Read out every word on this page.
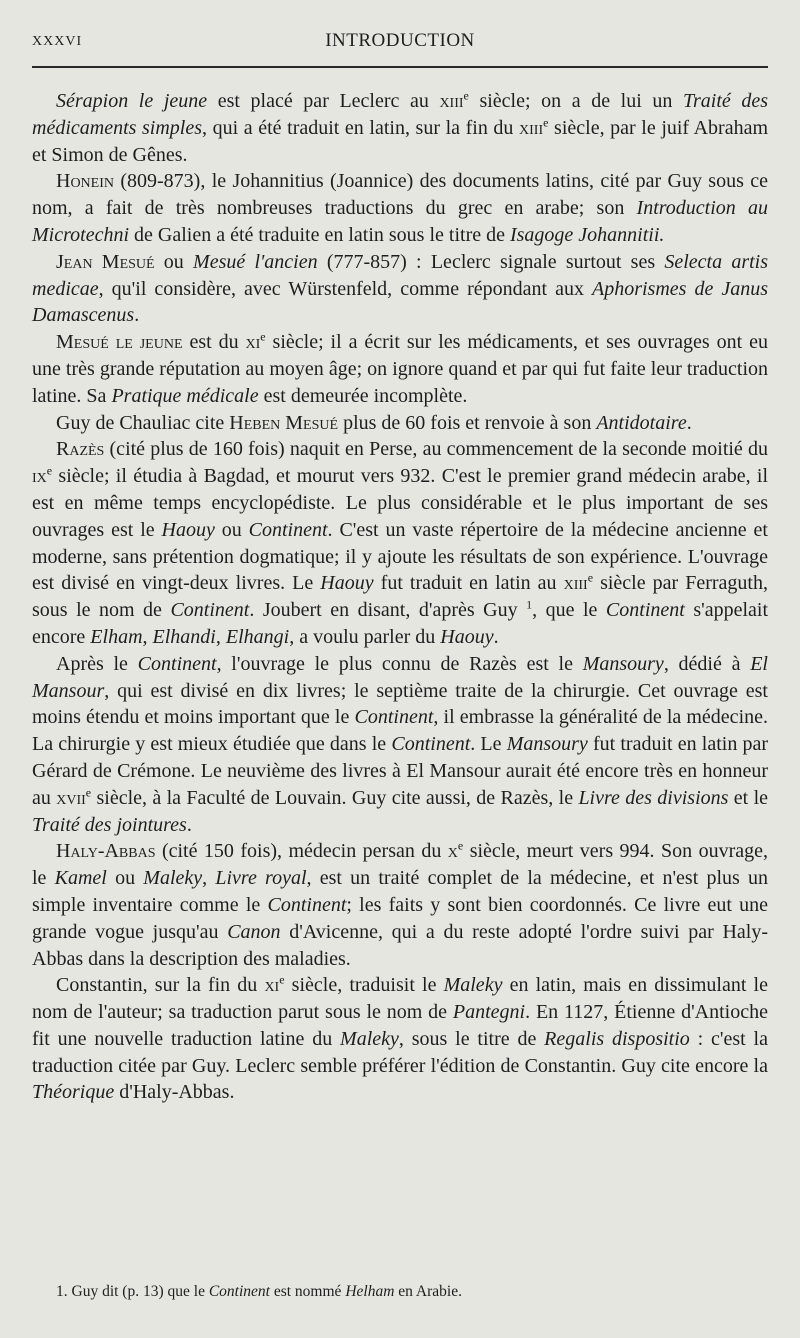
XXXVI	INTRODUCTION

Sérapion le jeune est placé par Leclerc au xiii$^e$ siècle; on a de lui un Traité des médicaments simples, qui a été traduit en latin, sur la fin du xiii$^e$ siècle, par le juif Abraham et Simon de Gênes.

Honein (809-873), le Johannitius (Joannice) des documents latins, cité par Guy sous ce nom, a fait de très nombreuses traductions du grec en arabe; son Introduction au Microtechni de Galien a été traduite en latin sous le titre de Isagoge Johannitii.

Jean Mesué ou Mesué l'ancien (777-857) : Leclerc signale surtout ses Selecta artis medicae, qu'il considère, avec Würstenfeld, comme répondant aux Aphorismes de Janus Damascenus.

Mesué le jeune est du $xi^e$ siècle; il a écrit sur les médicaments, et ses ouvrages ont eu une très grande réputation au moyen âge; on ignore quand et par qui fut faite leur traduction latine. Sa Pratique médicale est demeurée incomplète.

Guy de Chauliac cite Heben Mesué plus de 60 fois et renvoie à son Antidotaire.

Razès (cité plus de 160 fois) naquit en Perse, au commencement de la seconde moitié du $ix^e$ siècle; il étudia à Bagdad, et mourut vers 932. C'est le premier grand médecin arabe, il est en même temps encyclopédiste. Le plus considérable et le plus important de ses ouvrages est le Haouy ou Continent. C'est un vaste répertoire de la médecine ancienne et moderne, sans prétention dogmatique; il y ajoute les résultats de son expérience. L'ouvrage est divisé en vingt-deux livres. Le Haouy fut traduit en latin au xiii$^e$ siècle par Ferraguth, sous le nom de Continent. Joubert en disant, d'après Guy $^1$, que le Continent s'appelait encore Elham, Elhandi, Elhangi, a voulu parler du Haouy.

Après le Continent, l'ouvrage le plus connu de Razès est le Mansoury, dédié à El Mansour, qui est divisé en dix livres; le septième traite de la chirurgie. Cet ouvrage est moins étendu et moins important que le Continent, il embrasse la généralité de la médecine. La chirurgie y est mieux étudiée que dans le Continent. Le Mansoury fut traduit en latin par Gérard de Crémone. Le neuvième des livres à El Mansour aurait été encore très en honneur au xvii$^e$ siècle, à la Faculté de Louvain. Guy cite aussi, de Razès, le Livre des divisions et le Traité des jointures.

Haly-Abbas (cité 150 fois), médecin persan du $x^e$ siècle, meurt vers 994. Son ouvrage, le Kamel ou Maleky, Livre royal, est un traité complet de la médecine, et n'est plus un simple inventaire comme le Continent; les faits y sont bien coordonnés. Ce livre eut une grande vogue jusqu'au Canon d'Avicenne, qui a du reste adopté l'ordre suivi par Haly-Abbas dans la description des maladies.

Constantin, sur la fin du $xi^e$ siècle, traduisit le Maleky en latin, mais en dissimulant le nom de l'auteur; sa traduction parut sous le nom de Pantegni. En 1127, Étienne d'Antioche fit une nouvelle traduction latine du Maleky, sous le titre de Regalis dispositio : c'est la traduction citée par Guy. Leclerc semble préférer l'édition de Constantin. Guy cite encore la Théorique d'Haly-Abbas.

1. Guy dit (p. 13) que le Continent est nommé Helham en Arabie.
